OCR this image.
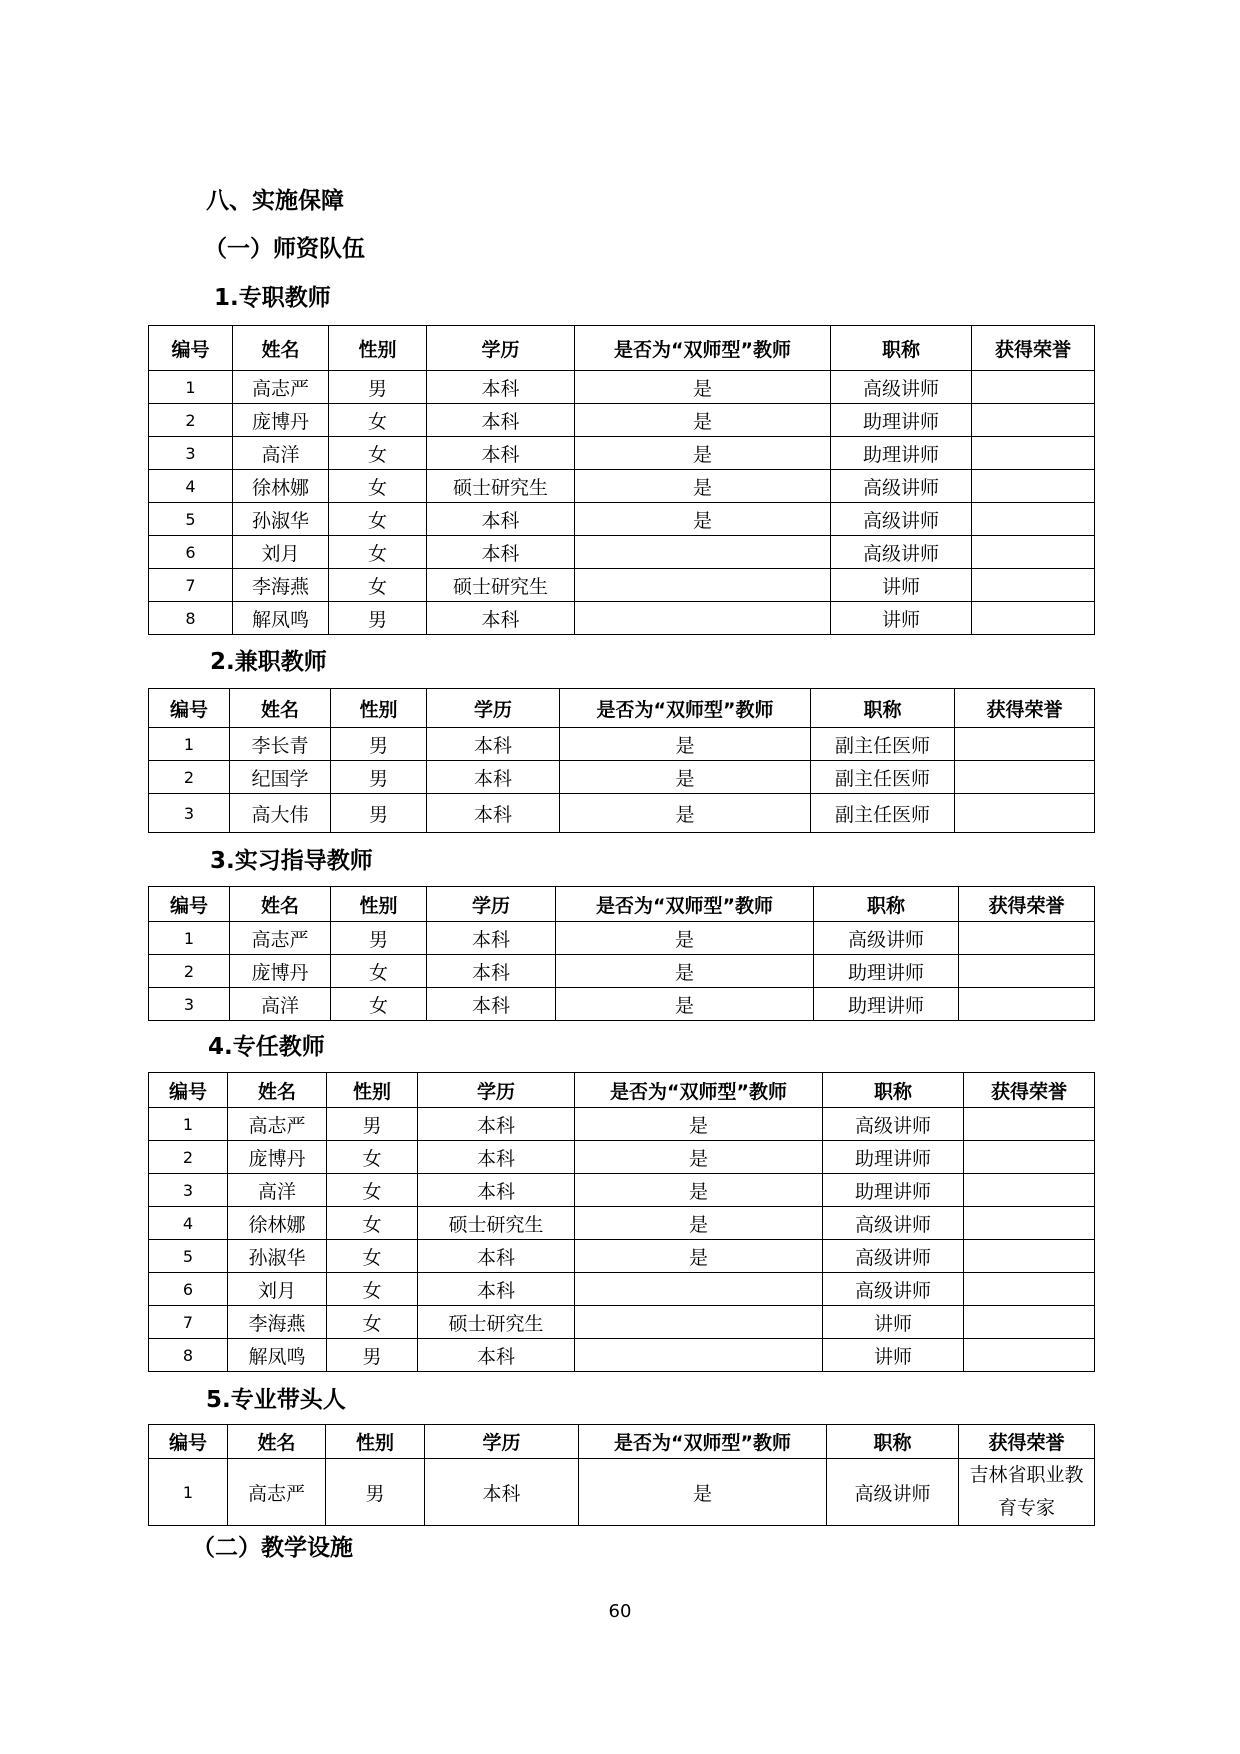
八、实施保障
（一）师资队伍
1.专职教师
编号	姓名	性别	学历	是否为“双师型”教师	职称	获得荣誉
1	高志严	男	本科	是	高级讲师	
2	庞博丹	女	本科	是	助理讲师	
3	高洋	女	本科	是	助理讲师	
4	徐林娜	女	硕士研究生	是	高级讲师	
5	孙淑华	女	本科	是	高级讲师	
6	刘月	女	本科		高级讲师	
7	李海燕	女	硕士研究生		讲师	
8	解凤鸣	男	本科		讲师	
2.兼职教师
编号	姓名	性别	学历	是否为“双师型”教师	职称	获得荣誉
1	李长青	男	本科	是	副主任医师	
2	纪国学	男	本科	是	副主任医师	
3	高大伟	男	本科	是	副主任医师	
3.实习指导教师
编号	姓名	性别	学历	是否为“双师型”教师	职称	获得荣誉
1	高志严	男	本科	是	高级讲师	
2	庞博丹	女	本科	是	助理讲师	
3	高洋	女	本科	是	助理讲师	
4.专任教师
编号	姓名	性别	学历	是否为“双师型”教师	职称	获得荣誉
1	高志严	男	本科	是	高级讲师	
2	庞博丹	女	本科	是	助理讲师	
3	高洋	女	本科	是	助理讲师	
4	徐林娜	女	硕士研究生	是	高级讲师	
5	孙淑华	女	本科	是	高级讲师	
6	刘月	女	本科		高级讲师	
7	李海燕	女	硕士研究生		讲师	
8	解凤鸣	男	本科		讲师	
5.专业带头人
编号	姓名	性别	学历	是否为“双师型”教师	职称	获得荣誉
1	高志严	男	本科	是	高级讲师	吉林省职业教
育专家
（二）教学设施
60
